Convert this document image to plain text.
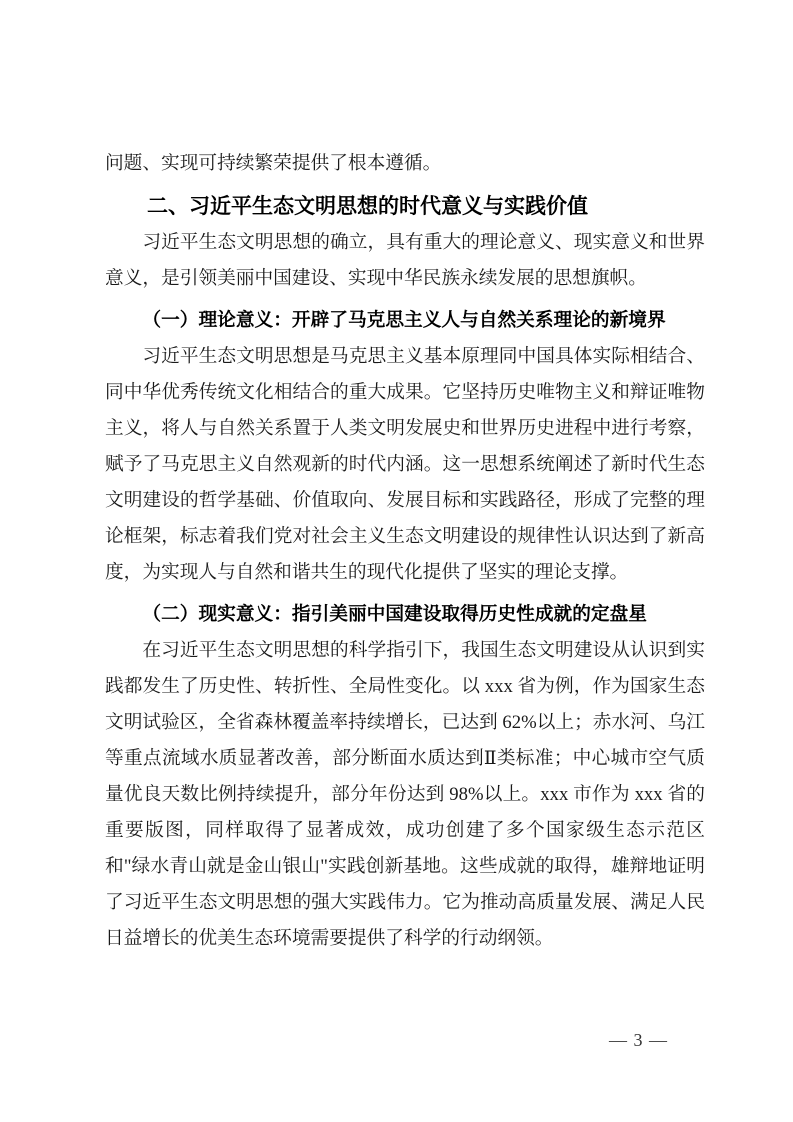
问题、实现可持续繁荣提供了根本遵循。

二、习近平生态文明思想的时代意义与实践价值

习近平生态文明思想的确立，具有重大的理论意义、现实意义和世界意义，是引领美丽中国建设、实现中华民族永续发展的思想旗帜。

（一）理论意义：开辟了马克思主义人与自然关系理论的新境界

习近平生态文明思想是马克思主义基本原理同中国具体实际相结合、同中华优秀传统文化相结合的重大成果。它坚持历史唯物主义和辩证唯物主义，将人与自然关系置于人类文明发展史和世界历史进程中进行考察，赋予了马克思主义自然观新的时代内涵。这一思想系统阐述了新时代生态文明建设的哲学基础、价值取向、发展目标和实践路径，形成了完整的理论框架，标志着我们党对社会主义生态文明建设的规律性认识达到了新高度，为实现人与自然和谐共生的现代化提供了坚实的理论支撑。

（二）现实意义：指引美丽中国建设取得历史性成就的定盘星

在习近平生态文明思想的科学指引下，我国生态文明建设从认识到实践都发生了历史性、转折性、全局性变化。以 xxx 省为例，作为国家生态文明试验区，全省森林覆盖率持续增长，已达到 62%以上；赤水河、乌江等重点流域水质显著改善，部分断面水质达到Ⅱ类标准；中心城市空气质量优良天数比例持续提升，部分年份达到 98%以上。xxx 市作为 xxx 省的重要版图，同样取得了显著成效，成功创建了多个国家级生态示范区和"绿水青山就是金山银山"实践创新基地。这些成就的取得，雄辩地证明了习近平生态文明思想的强大实践伟力。它为推动高质量发展、满足人民日益增长的优美生态环境需要提供了科学的行动纲领。

— 3 —
